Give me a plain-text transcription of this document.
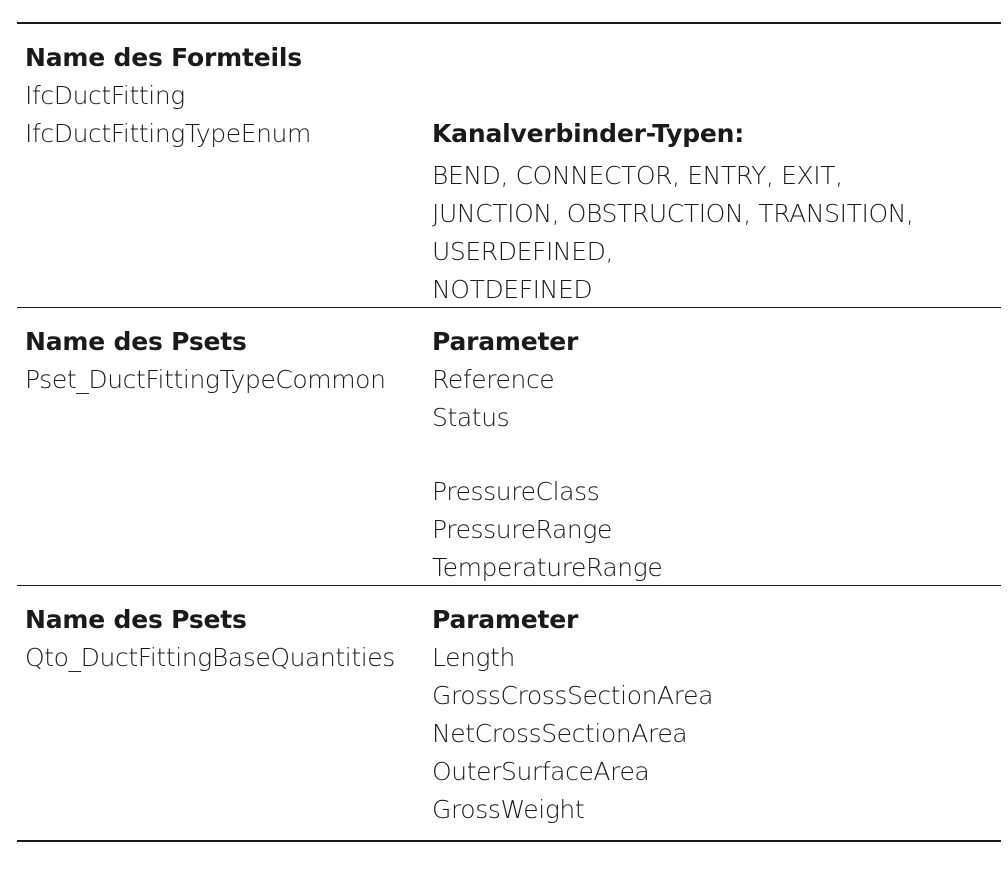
Name des Formteils
IfcDuctFitting
IfcDuctFittingTypeEnum	Kanalverbinder-Typen:
BEND, CONNECTOR, ENTRY, EXIT,
JUNCTION, OBSTRUCTION, TRANSITION,
USERDEFINED,
NOTDEFINED
Name des Psets
Pset_DuctFittingTypeCommon
Parameter
Reference
Status
PressureClass
PressureRange
TemperatureRange
Name des Psets
Qto_DuctFittingBaseQuantities
Parameter
Length
GrossCrossSectionArea
NetCrossSectionArea
OuterSurfaceArea
GrossWeight
